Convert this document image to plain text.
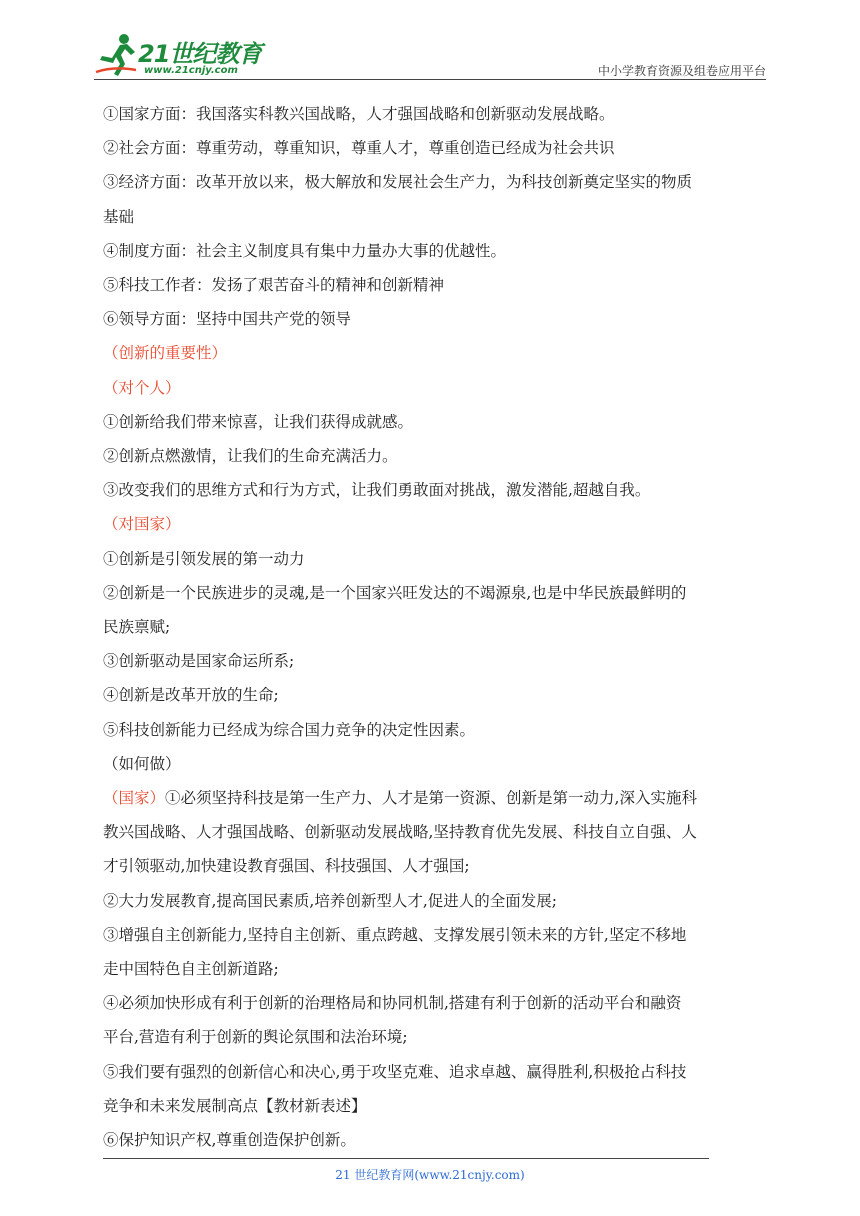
21世纪教育
www.21cnjy.com	中小学教育资源及组卷应用平台
①国家方面：我国落实科教兴国战略，人才强国战略和创新驱动发展战略。
②社会方面：尊重劳动，尊重知识，尊重人才，尊重创造已经成为社会共识
③经济方面：改革开放以来，极大解放和发展社会生产力，为科技创新奠定坚实的物质
基础
④制度方面：社会主义制度具有集中力量办大事的优越性。
⑤科技工作者：发扬了艰苦奋斗的精神和创新精神
⑥领导方面：坚持中国共产党的领导
（创新的重要性）
（对个人）
①创新给我们带来惊喜，让我们获得成就感。
②创新点燃激情，让我们的生命充满活力。
③改变我们的思维方式和行为方式，让我们勇敢面对挑战，激发潜能,超越自我。
（对国家）
①创新是引领发展的第一动力
②创新是一个民族进步的灵魂,是一个国家兴旺发达的不竭源泉,也是中华民族最鲜明的
民族禀赋;
③创新驱动是国家命运所系;
④创新是改革开放的生命;
⑤科技创新能力已经成为综合国力竞争的决定性因素。
（如何做）
（国家）①必须坚持科技是第一生产力、人才是第一资源、创新是第一动力,深入实施科
教兴国战略、人才强国战略、创新驱动发展战略,坚持教育优先发展、科技自立自强、人
才引领驱动,加快建设教育强国、科技强国、人才强国;
②大力发展教育,提高国民素质,培养创新型人才,促进人的全面发展;
③增强自主创新能力,坚持自主创新、重点跨越、支撑发展引领未来的方针,坚定不移地
走中国特色自主创新道路;
④必须加快形成有利于创新的治理格局和协同机制,搭建有利于创新的活动平台和融资
平台,营造有利于创新的舆论氛围和法治环境;
⑤我们要有强烈的创新信心和决心,勇于攻坚克难、追求卓越、赢得胜利,积极抢占科技
竞争和未来发展制高点【教材新表述】
⑥保护知识产权,尊重创造保护创新。
21 世纪教育网(www.21cnjy.com)
